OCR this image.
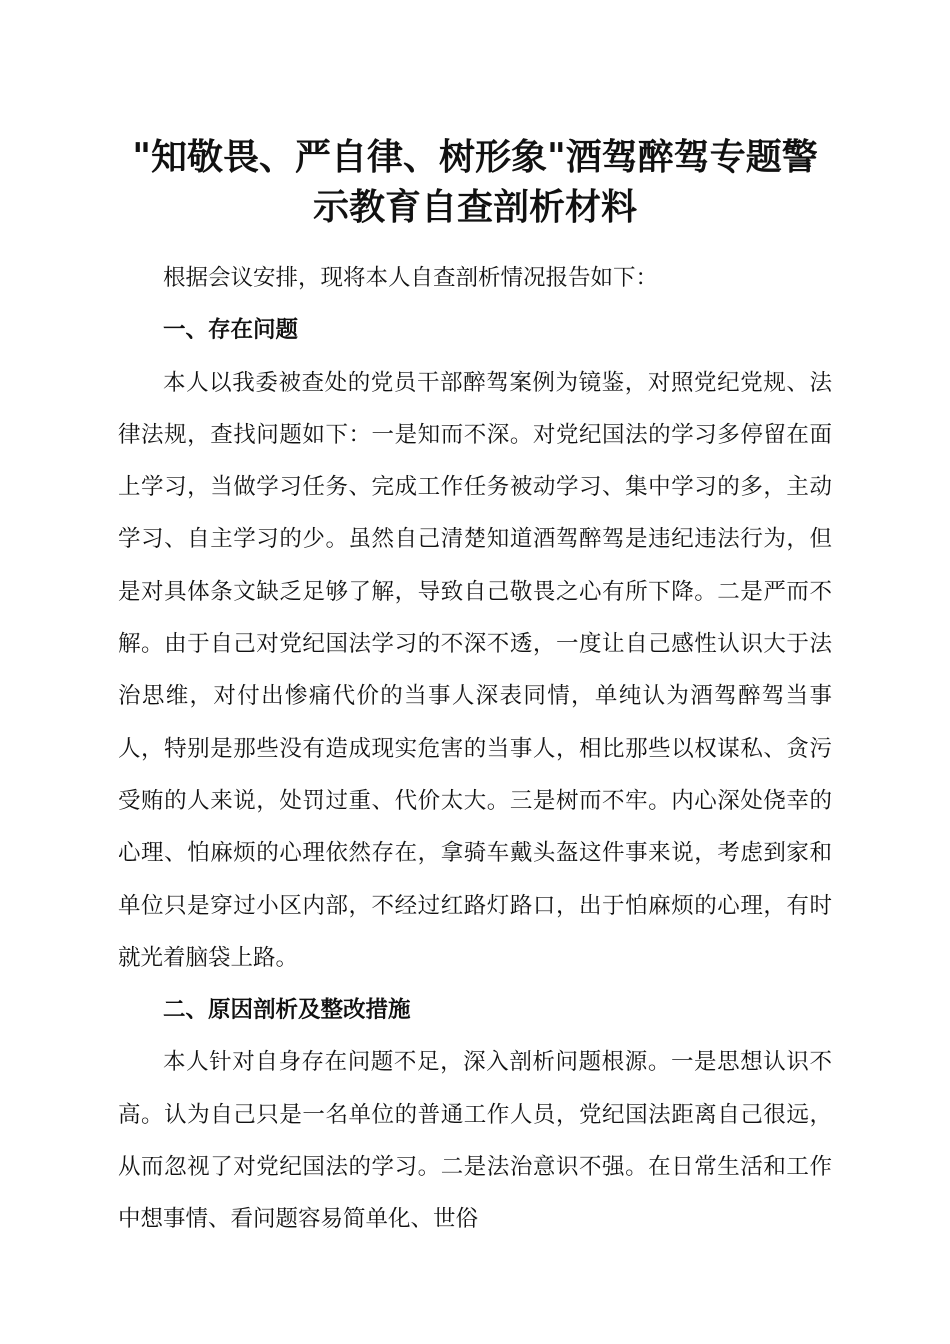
"知敬畏、严自律、树形象"酒驾醉驾专题警
示教育自查剖析材料

根据会议安排，现将本人自查剖析情况报告如下：

一、存在问题

本人以我委被查处的党员干部醉驾案例为镜鉴，对照党纪党规、法律法规，查找问题如下：一是知而不深。对党纪国法的学习多停留在面上学习，当做学习任务、完成工作任务被动学习、集中学习的多，主动学习、自主学习的少。虽然自己清楚知道酒驾醉驾是违纪违法行为，但是对具体条文缺乏足够了解，导致自己敬畏之心有所下降。二是严而不解。由于自己对党纪国法学习的不深不透，一度让自己感性认识大于法治思维，对付出惨痛代价的当事人深表同情，单纯认为酒驾醉驾当事人，特别是那些没有造成现实危害的当事人，相比那些以权谋私、贪污受贿的人来说，处罚过重、代价太大。三是树而不牢。内心深处侥幸的心理、怕麻烦的心理依然存在，拿骑车戴头盔这件事来说，考虑到家和单位只是穿过小区内部，不经过红路灯路口，出于怕麻烦的心理，有时就光着脑袋上路。

二、原因剖析及整改措施

本人针对自身存在问题不足，深入剖析问题根源。一是思想认识不高。认为自己只是一名单位的普通工作人员，党纪国法距离自己很远，从而忽视了对党纪国法的学习。二是法治意识不强。在日常生活和工作中想事情、看问题容易简单化、世俗
